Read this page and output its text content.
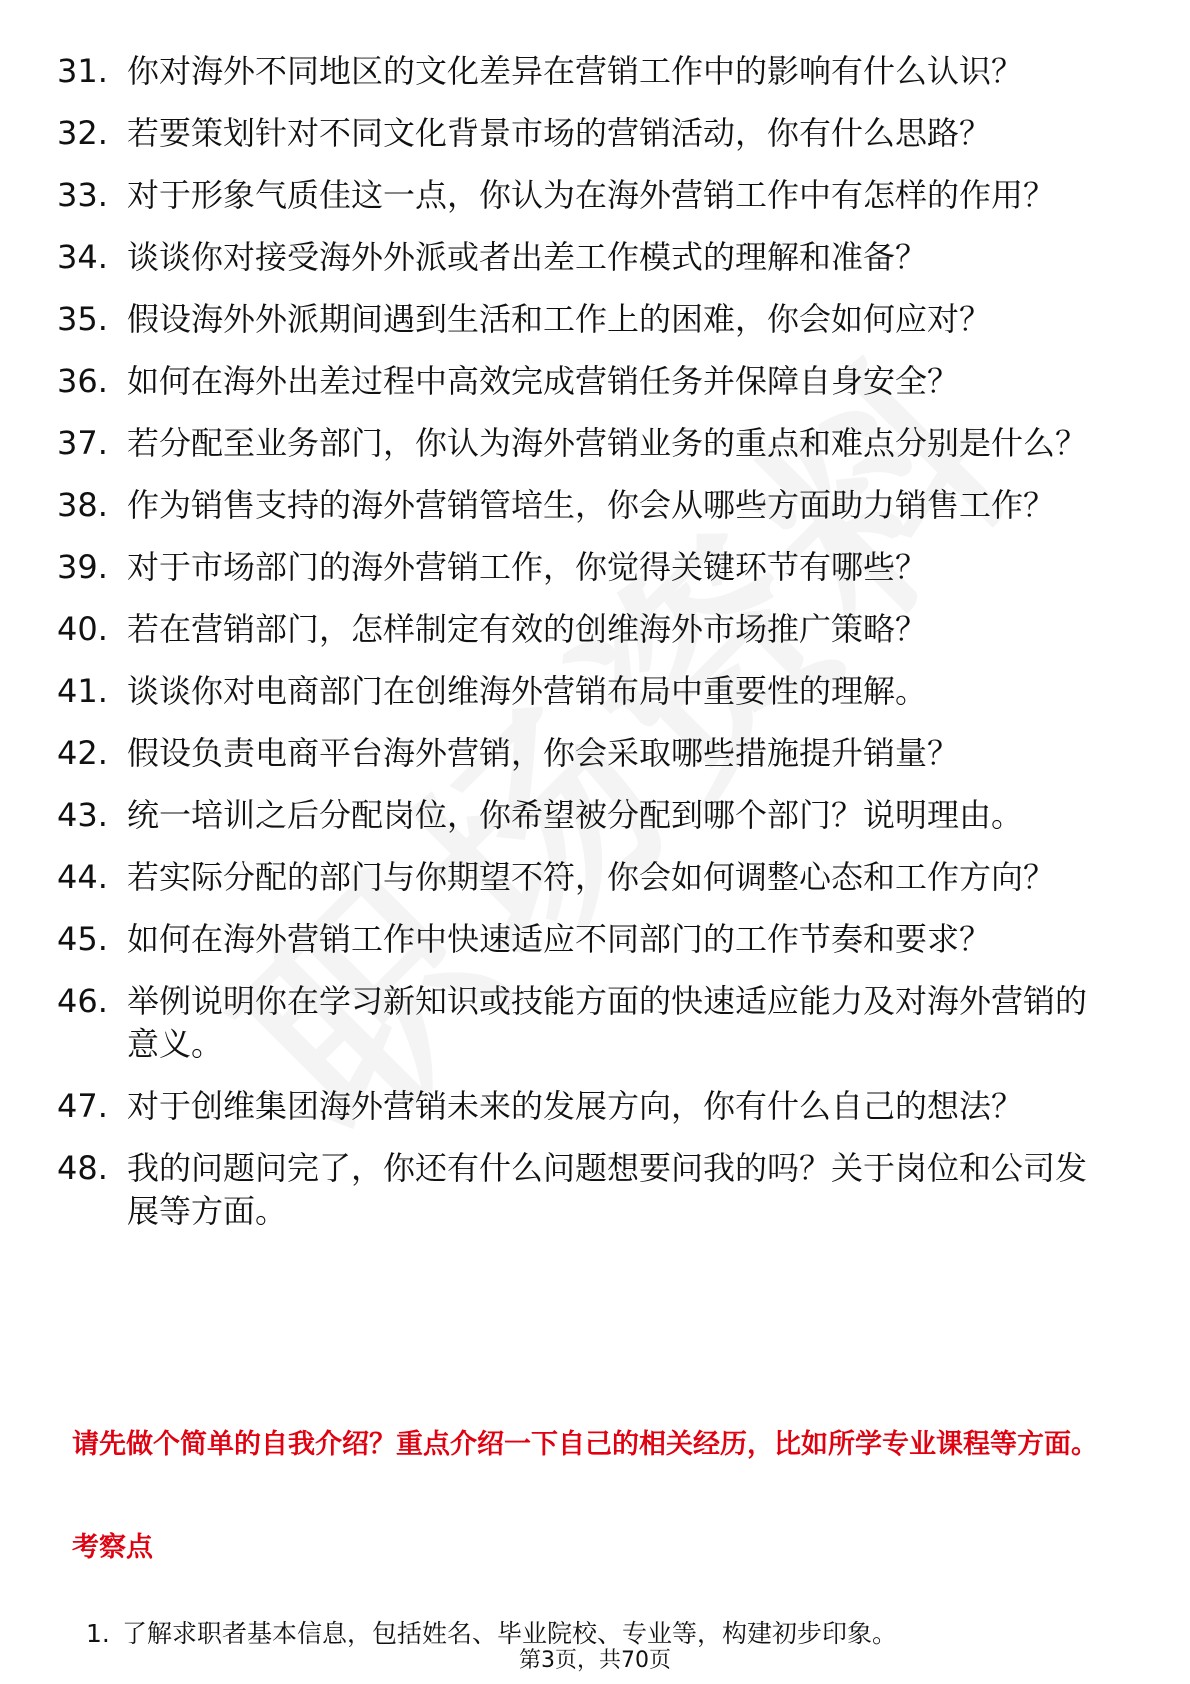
31. 你对海外不同地区的文化差异在营销工作中的影响有什么认识？
32. 若要策划针对不同文化背景市场的营销活动，你有什么思路？
33. 对于形象气质佳这一点，你认为在海外营销工作中有怎样的作用？
34. 谈谈你对接受海外外派或者出差工作模式的理解和准备？
35. 假设海外外派期间遇到生活和工作上的困难，你会如何应对？
36. 如何在海外出差过程中高效完成营销任务并保障自身安全？
37. 若分配至业务部门，你认为海外营销业务的重点和难点分别是什么？
38. 作为销售支持的海外营销管培生，你会从哪些方面助力销售工作？
39. 对于市场部门的海外营销工作，你觉得关键环节有哪些？
40. 若在营销部门，怎样制定有效的创维海外市场推广策略？
41. 谈谈你对电商部门在创维海外营销布局中重要性的理解。
42. 假设负责电商平台海外营销，你会采取哪些措施提升销量？
43. 统一培训之后分配岗位，你希望被分配到哪个部门？说明理由。
44. 若实际分配的部门与你期望不符，你会如何调整心态和工作方向？
45. 如何在海外营销工作中快速适应不同部门的工作节奏和要求？
46. 举例说明你在学习新知识或技能方面的快速适应能力及对海外营销的意义。
47. 对于创维集团海外营销未来的发展方向，你有什么自己的想法？
48. 我的问题问完了，你还有什么问题想要问我的吗？关于岗位和公司发展等方面。
请先做个简单的自我介绍？重点介绍一下自己的相关经历，比如所学专业课程等方面。
考察点
1. 了解求职者基本信息，包括姓名、毕业院校、专业等，构建初步印象。
第3页，共70页
